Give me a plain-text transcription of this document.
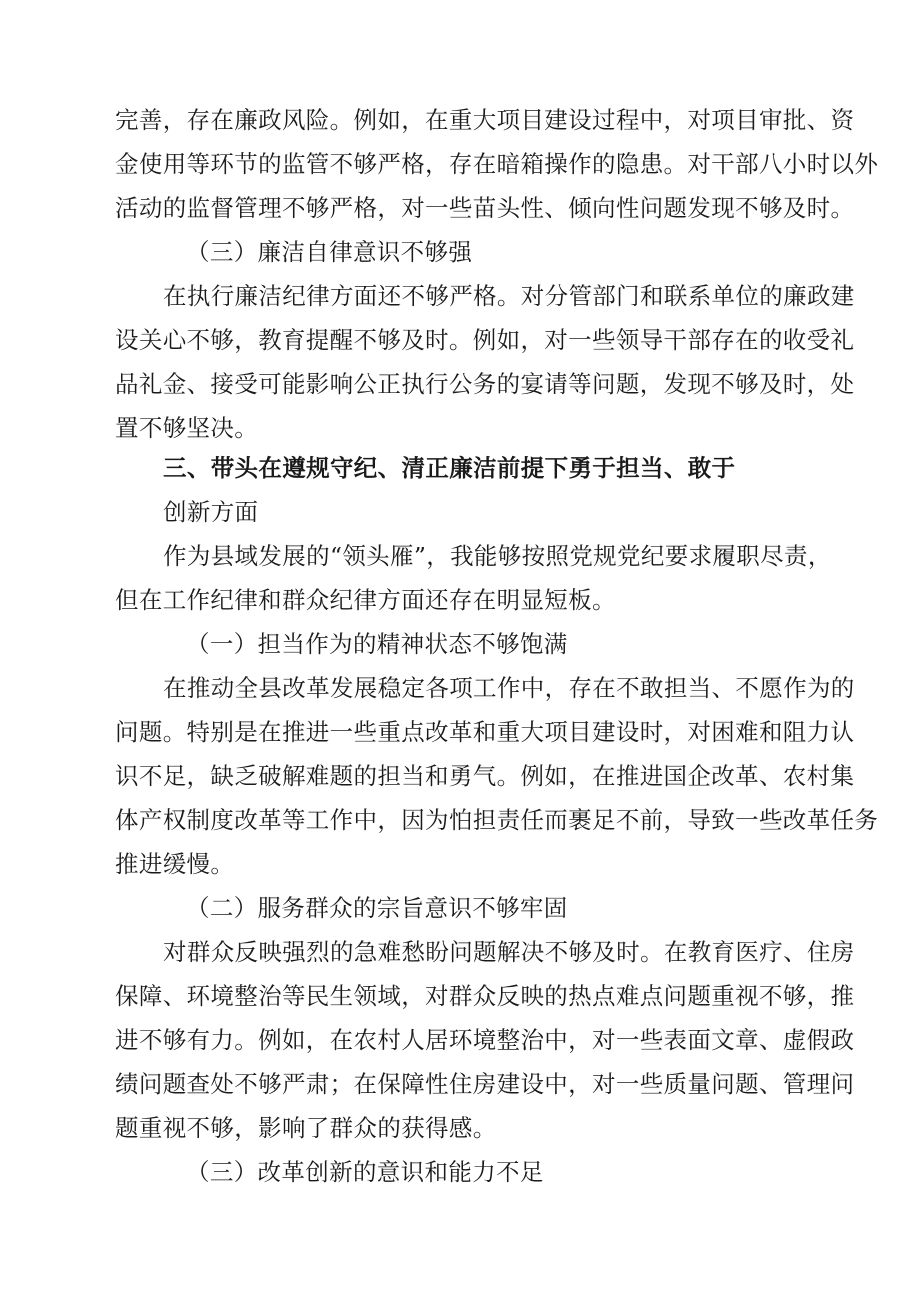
完善，存在廉政风险。例如，在重大项目建设过程中，对项目审批、资
金使用等环节的监管不够严格，存在暗箱操作的隐患。对干部八小时以外
活动的监督管理不够严格，对一些苗头性、倾向性问题发现不够及时。
（三）廉洁自律意识不够强
在执行廉洁纪律方面还不够严格。对分管部门和联系单位的廉政建
设关心不够，教育提醒不够及时。例如，对一些领导干部存在的收受礼
品礼金、接受可能影响公正执行公务的宴请等问题，发现不够及时，处
置不够坚决。
三、带头在遵规守纪、清正廉洁前提下勇于担当、敢于
创新方面
作为县域发展的“领头雁”，我能够按照党规党纪要求履职尽责，
但在工作纪律和群众纪律方面还存在明显短板。
（一）担当作为的精神状态不够饱满
在推动全县改革发展稳定各项工作中，存在不敢担当、不愿作为的
问题。特别是在推进一些重点改革和重大项目建设时，对困难和阻力认
识不足，缺乏破解难题的担当和勇气。例如，在推进国企改革、农村集
体产权制度改革等工作中，因为怕担责任而裹足不前，导致一些改革任务
推进缓慢。
（二）服务群众的宗旨意识不够牢固
对群众反映强烈的急难愁盼问题解决不够及时。在教育医疗、住房
保障、环境整治等民生领域，对群众反映的热点难点问题重视不够，推
进不够有力。例如，在农村人居环境整治中，对一些表面文章、虚假政
绩问题查处不够严肃；在保障性住房建设中，对一些质量问题、管理问
题重视不够，影响了群众的获得感。
（三）改革创新的意识和能力不足
